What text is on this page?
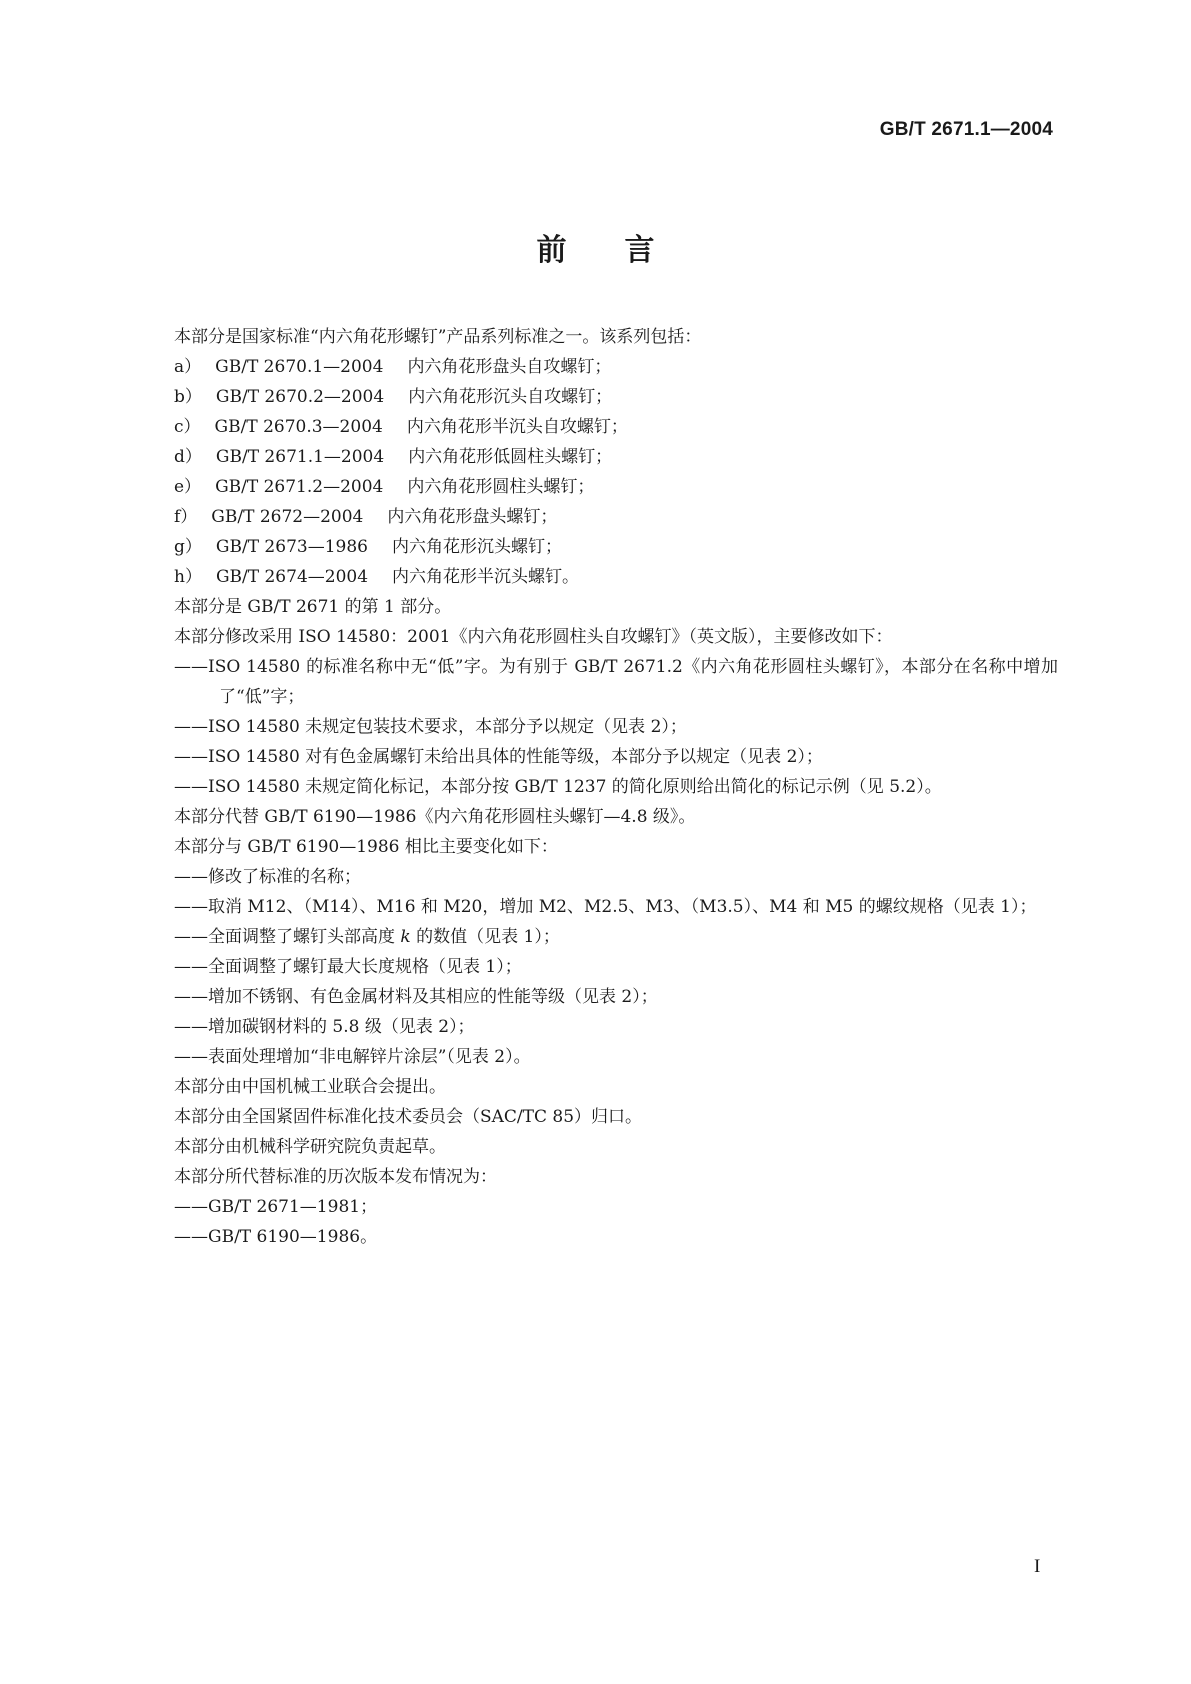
GB/T 2671.1—2004
前言
本部分是国家标准“内六角花形螺钉”产品系列标准之一。该系列包括：
a） GB/T 2670.1—2004 内六角花形盘头自攻螺钉；
b） GB/T 2670.2—2004 内六角花形沉头自攻螺钉；
c） GB/T 2670.3—2004 内六角花形半沉头自攻螺钉；
d） GB/T 2671.1—2004 内六角花形低圆柱头螺钉；
e） GB/T 2671.2—2004 内六角花形圆柱头螺钉；
f） GB/T 2672—2004 内六角花形盘头螺钉；
g） GB/T 2673—1986 内六角花形沉头螺钉；
h） GB/T 2674—2004 内六角花形半沉头螺钉。
本部分是 GB/T 2671 的第 1 部分。
本部分修改采用 ISO 14580：2001《内六角花形圆柱头自攻螺钉》（英文版），主要修改如下：
——ISO 14580 的标准名称中无“低”字。为有别于 GB/T 2671.2《内六角花形圆柱头螺钉》，本部分在名称中增加了“低”字；
——ISO 14580 未规定包装技术要求，本部分予以规定（见表 2）；
——ISO 14580 对有色金属螺钉未给出具体的性能等级，本部分予以规定（见表 2）；
——ISO 14580 未规定简化标记，本部分按 GB/T 1237 的简化原则给出简化的标记示例（见 5.2）。
本部分代替 GB/T 6190—1986《内六角花形圆柱头螺钉—4.8 级》。
本部分与 GB/T 6190—1986 相比主要变化如下：
——修改了标准的名称；
——取消 M12、（M14）、M16 和 M20，增加 M2、M2.5、M3、（M3.5）、M4 和 M5 的螺纹规格（见表 1）；
——全面调整了螺钉头部高度 k 的数值（见表 1）；
——全面调整了螺钉最大长度规格（见表 1）；
——增加不锈钢、有色金属材料及其相应的性能等级（见表 2）；
——增加碳钢材料的 5.8 级（见表 2）；
——表面处理增加“非电解锌片涂层”（见表 2）。
本部分由中国机械工业联合会提出。
本部分由全国紧固件标准化技术委员会（SAC/TC 85）归口。
本部分由机械科学研究院负责起草。
本部分所代替标准的历次版本发布情况为：
——GB/T 2671—1981；
——GB/T 6190—1986。
I
